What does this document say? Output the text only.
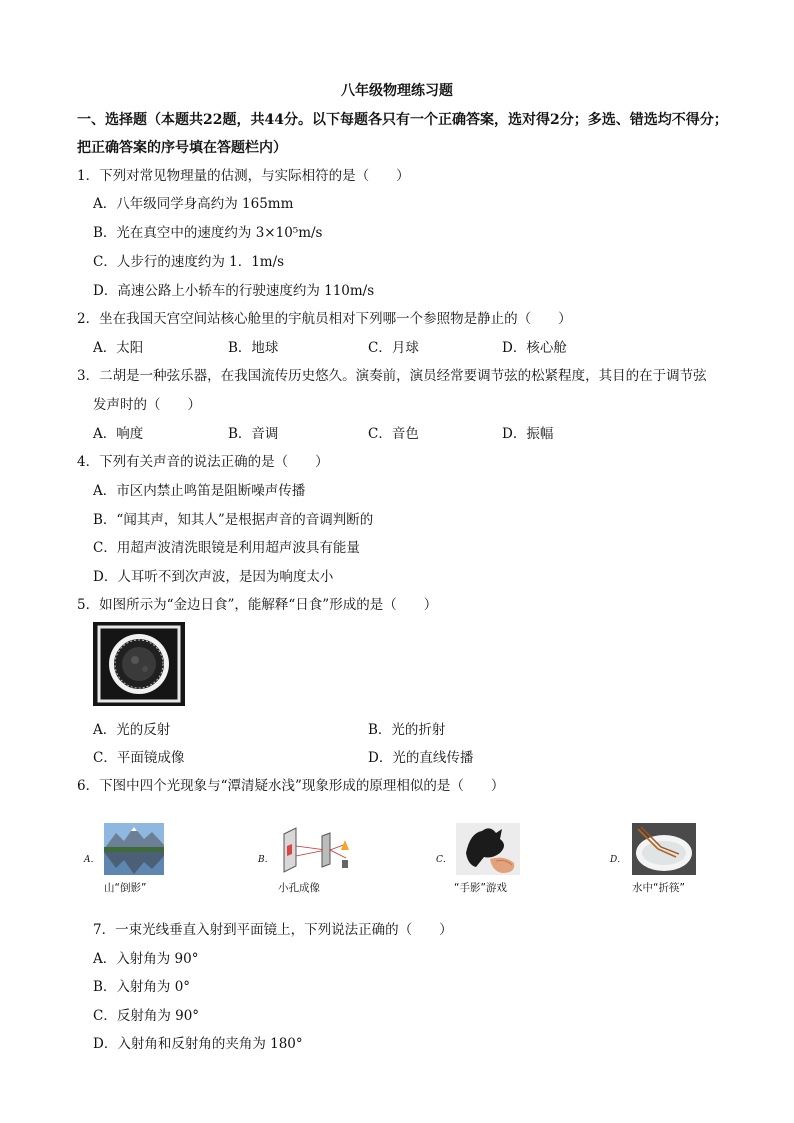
八年级物理练习题
一、选择题（本题共22题，共44分。以下每题各只有一个正确答案，选对得2分；多选、错选均不得分；
把正确答案的序号填在答题栏内）
1．下列对常见物理量的估测，与实际相符的是（　　）
A．八年级同学身高约为 165mm
B．光在真空中的速度约为 3×10⁵m/s
C．人步行的速度约为 1．1m/s
D．高速公路上小轿车的行驶速度约为 110m/s
2．坐在我国天宫空间站核心舱里的宇航员相对下列哪一个参照物是静止的（　　）
A．太阳	B．地球	C．月球	D．核心舱
3．二胡是一种弦乐器，在我国流传历史悠久。演奏前，演员经常要调节弦的松紧程度，其目的在于调节弦
发声时的（　　）
A．响度	B．音调	C．音色	D．振幅
4．下列有关声音的说法正确的是（　　）
A．市区内禁止鸣笛是阻断噪声传播
B．“闻其声，知其人”是根据声音的音调判断的
C．用超声波清洗眼镜是利用超声波具有能量
D．人耳听不到次声波，是因为响度太小
5．如图所示为“金边日食”，能解释“日食”形成的是（　　）
A．光的反射	B．光的折射
C．平面镜成像	D．光的直线传播
6．下图中四个光现象与“潭清疑水浅”现象形成的原理相似的是（　　）
A．
山“倒影”
B．
小孔成像
C．
“手影”游戏
D．
水中“折筷”
7．一束光线垂直入射到平面镜上，下列说法正确的（　　）
A．入射角为 90°
B．入射角为 0°
C．反射角为 90°
D．入射角和反射角的夹角为 180°
